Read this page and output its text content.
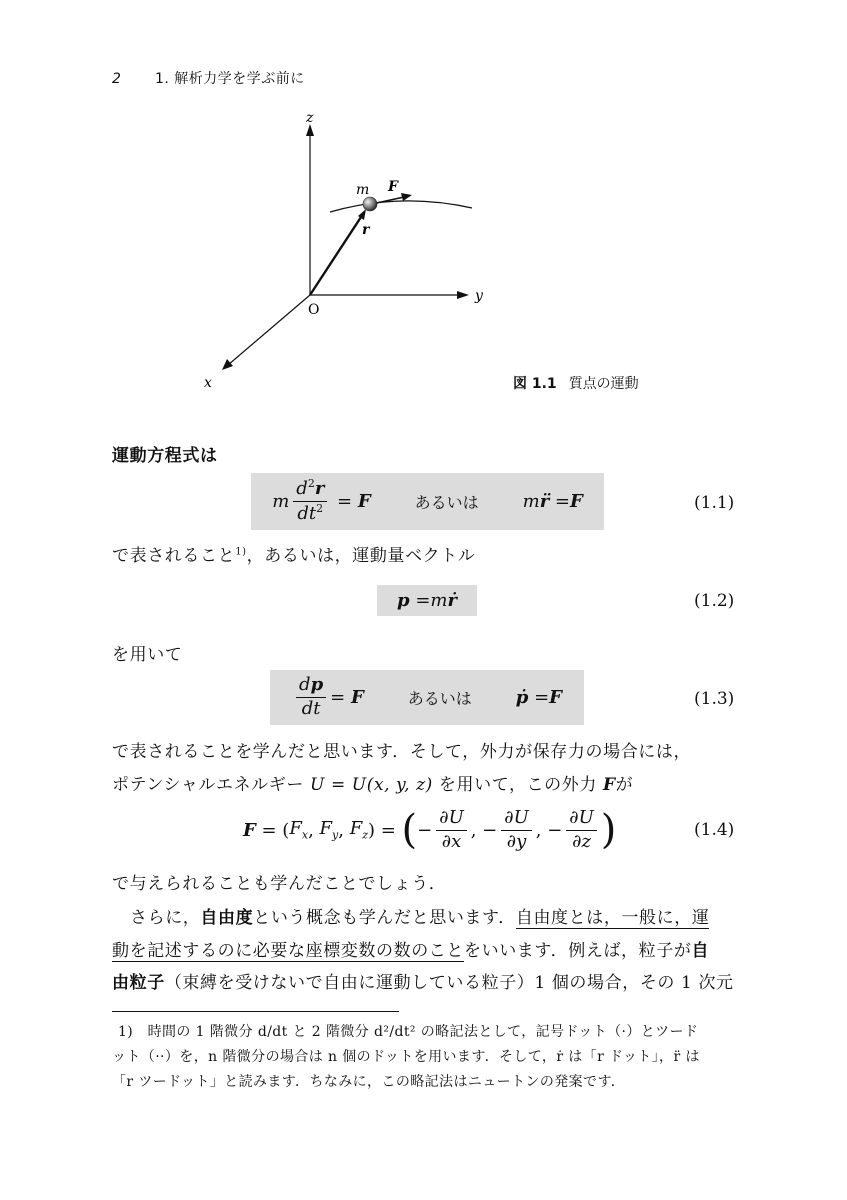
2 1. 解析力学を学ぶ前に
z
y
x
O
m F
r
図 1.1 質点の運動
運動方程式は
m $\frac{d^2r}{dt^2} = F$	あるいは m r̈ = F	(1.1)
で表されること$^{1)}$，あるいは，運動量ベクトル
p = m ṙ	(1.2)
を用いて
$\frac{dp}{dt} = F$	あるいは ṗ = F	(1.3)
で表されることを学んだと思います．そして，外力が保存力の場合には，
ポテンシャルエネルギー U = U(x, y, z) を用いて，この外力 Fが
F = ( $F_x$ , $F_y$ , $F_z$ ) = ( − $\frac{\partial U}{\partial x}$ , − $\frac{\partial U}{\partial y}$ , − $\frac{\partial U}{\partial z}$ )	(1.4)
で与えられることも学んだことでしょう．
さらに，自由度という概念も学んだと思います．自由度とは，一般に，運
動を記述するのに必要な座標変数の数のことをいいます．例えば，粒子が自
由粒子（束縛を受けないで自由に運動している粒子）1 個の場合，その 1 次元
1)　時間の 1 階微分 d/dt と 2 階微分 d²/dt² の略記法として，記号ドット（·）とツード
ット（··）を，n 階微分の場合は n 個のドットを用います．そして，ṙ は「r ドット」，r̈ は
「r ツードット」と読みます．ちなみに，この略記法はニュートンの発案です．
